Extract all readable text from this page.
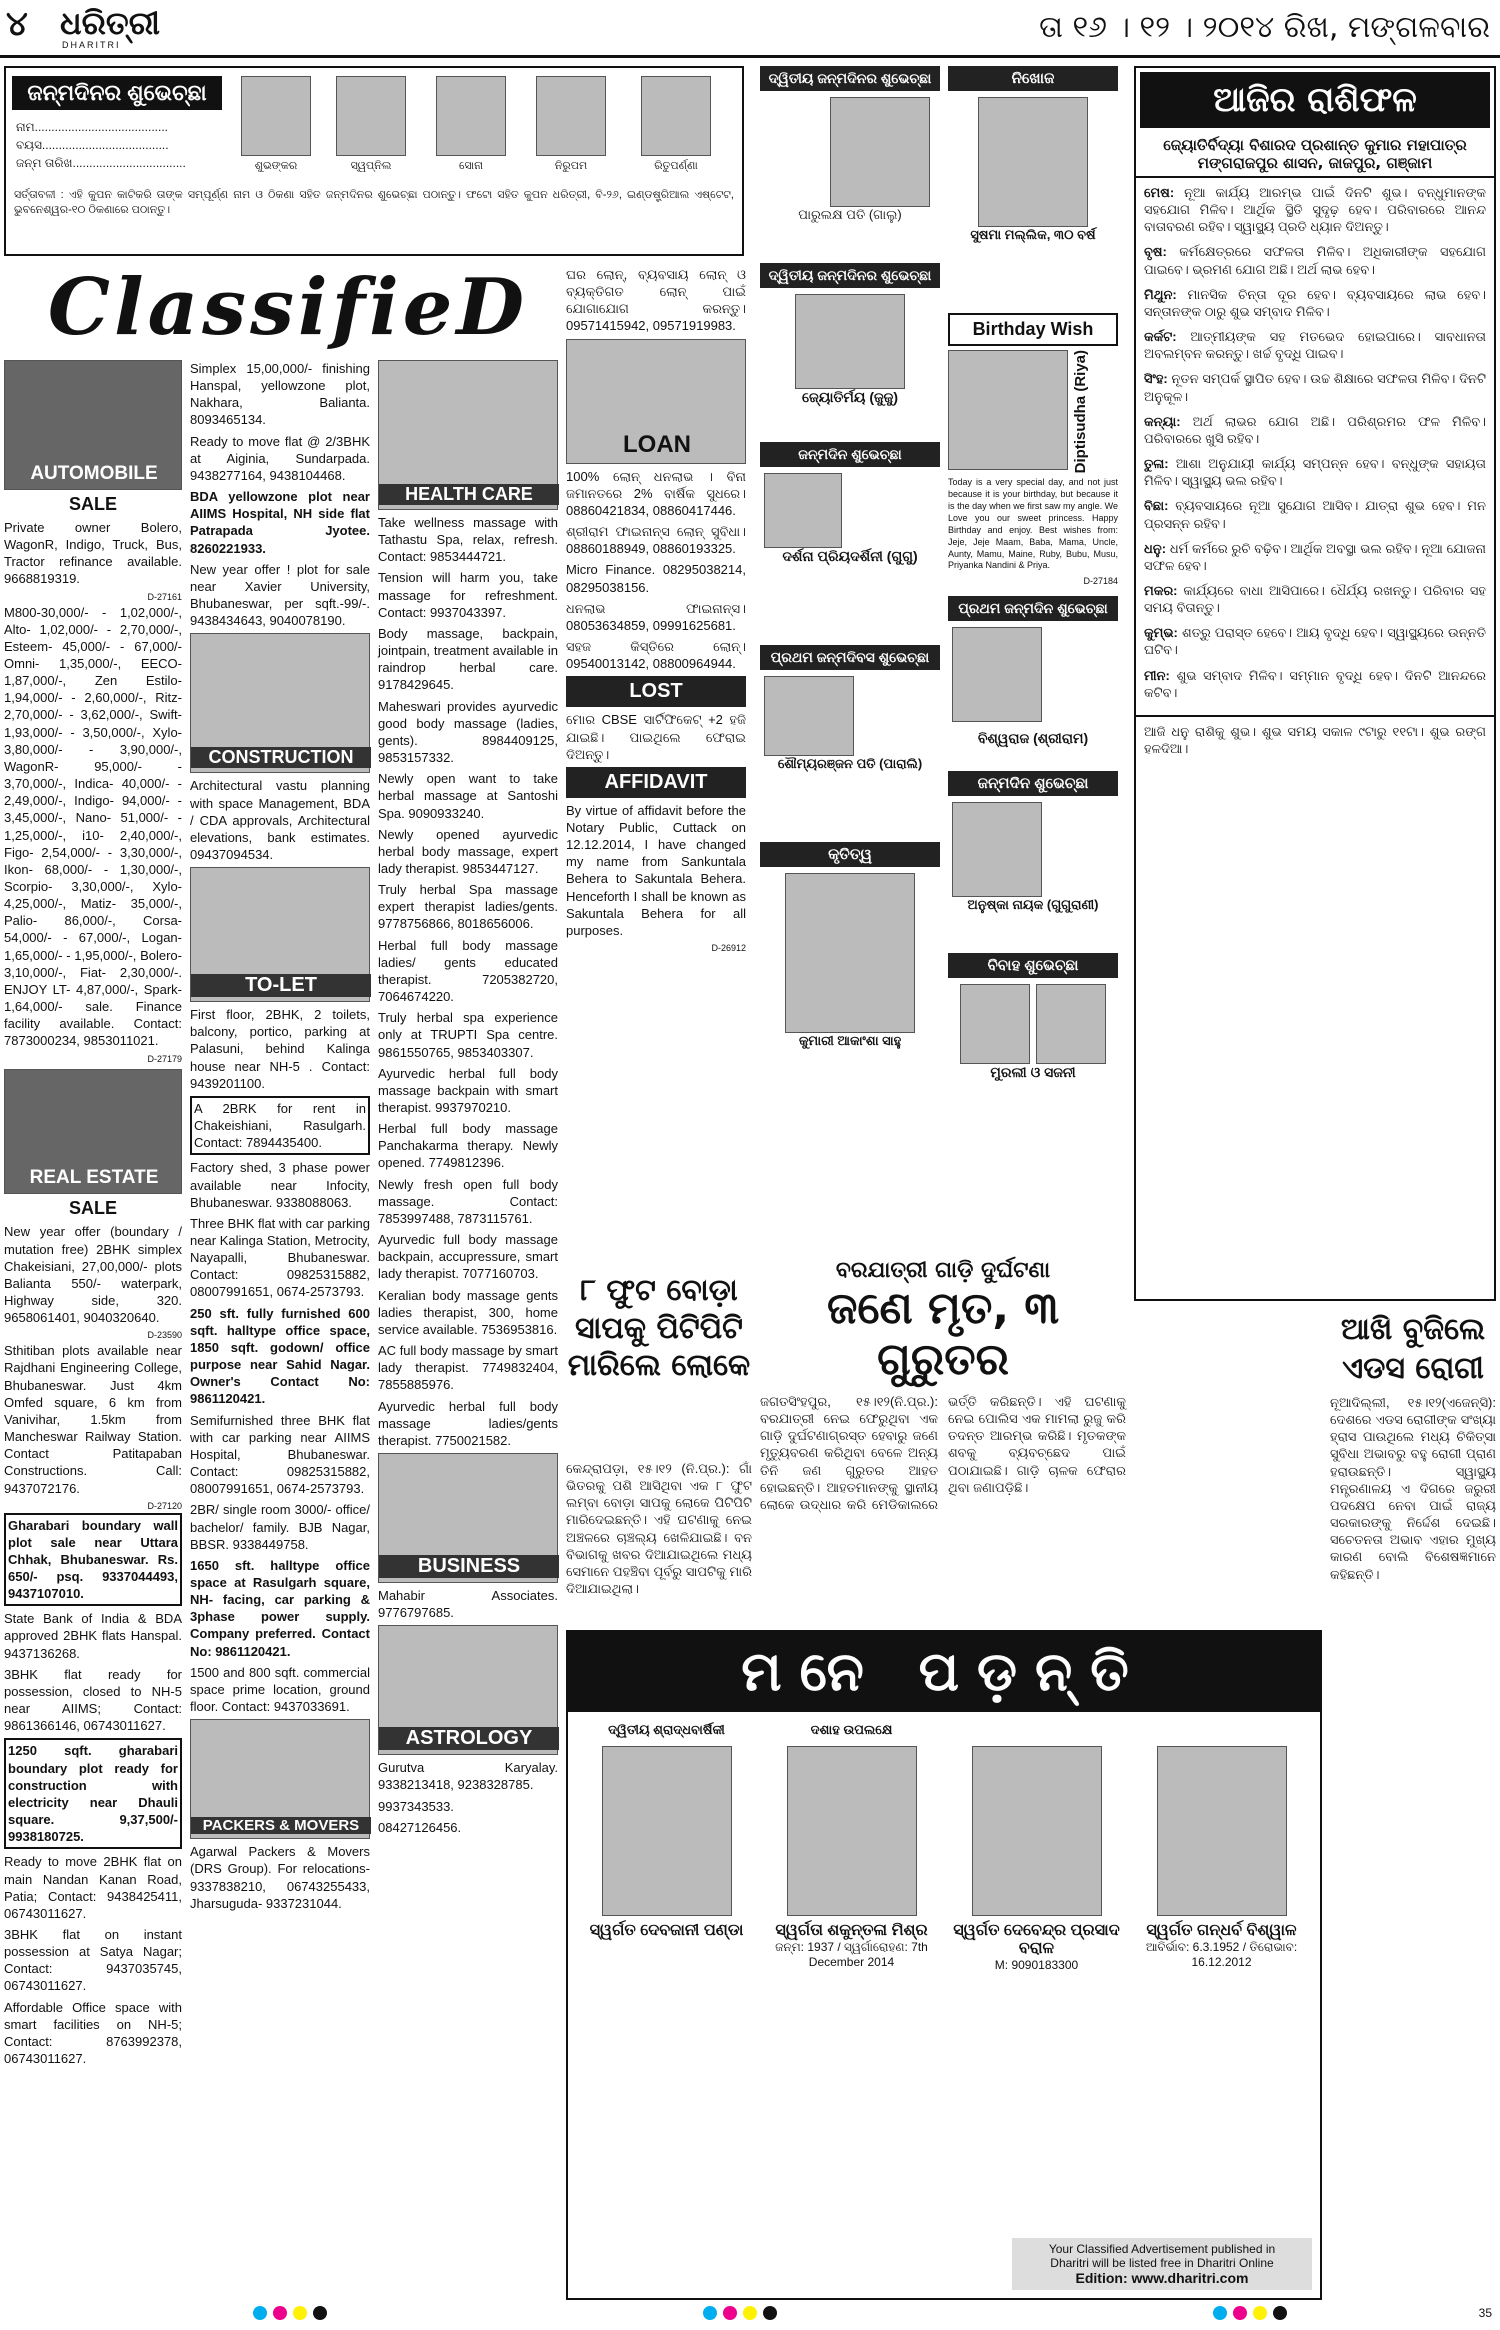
୪ ଧରିତ୍ରୀ
DHARITRI	ତା ୧୬ । ୧୨ । ୨୦୧୪ ରିଖ, ମଙ୍ଗଳବାର
ଜନ୍ମଦିନର ଶୁଭେଚ୍ଛା
ନାମ........................................
ବୟସ......................................
ଜନ୍ମ ତାରିଖ..................................	ଶୁଭଙ୍କର	ସ୍ୱପ୍ନିଲ	ସୋନା	ନିରୁପମ	ରିତୁପର୍ଣ୍ଣା
ସର୍ତ୍ତାବଳୀ : ଏହି କୁପନ କାଟିକରି ତାଙ୍କ ସମ୍ପୂର୍ଣ୍ଣ ନାମ ଓ ଠିକଣା ସହିତ ଜନ୍ମଦିନର ଶୁଭେଚ୍ଛା ପଠାନ୍ତୁ। ଫଟୋ ସହିତ କୁପନ ଧରିତ୍ରୀ, ବି-୨୬, ଇଣ୍ଡଷ୍ଟ୍ରିଆଲ ଏଷ୍ଟେଟ, ଭୁବନେଶ୍ୱର-୧୦ ଠିକଣାରେ ପଠାନ୍ତୁ।
ClassifieD
AUTOMOBILE
SALE

Private owner Bolero, WagonR, Indigo, Truck, Bus, Tractor refinance available. 9668819319.

D-27161

M800-30,000/- - 1,02,000/-, Alto- 1,02,000/- - 2,70,000/-, Esteem- 45,000/- - 67,000/- Omni- 1,35,000/-, EECO- 1,87,000/-, Zen Estilo- 1,94,000/- - 2,60,000/-, Ritz- 2,70,000/- - 3,62,000/-, Swift- 1,93,000/- - 3,50,000/-, Xylo- 3,80,000/- - 3,90,000/-, WagonR- 95,000/- - 3,70,000/-, Indica- 40,000/- - 2,49,000/-, Indigo- 94,000/- - 3,45,000/-, Nano- 51,000/- - 1,25,000/-, i10- 2,40,000/-, Figo- 2,54,000/- - 3,30,000/-, Ikon- 68,000/- - 1,30,000/-, Scorpio- 3,30,000/-, Xylo- 4,25,000/-, Matiz- 35,000/-, Palio- 86,000/-, Corsa- 54,000/- - 67,000/-, Logan- 1,65,000/- - 1,95,000/-, Bolero- 3,10,000/-, Fiat- 2,30,000/-. ENJOY LT- 4,87,000/-, Spark- 1,64,000/- sale. Finance facility available. Contact: 7873000234, 9853011021.

D-27179
REAL ESTATE
SALE

New year offer (boundary / mutation free) 2BHK simplex Chakeisiani, 27,00,000/- plots Balianta 550/- waterpark, Highway side, 320. 9658061401, 9040320640.

D-23590

Sthitiban plots available near Rajdhani Engineering College, Bhubaneswar. Just 4km Omfed square, 6 km from Vanivihar, 1.5km from Mancheswar Railway Station. Contact Patitapaban Constructions. Call: 9437072176.

D-27120

Gharabari boundary wall plot sale near Uttara Chhak, Bhubaneswar. Rs. 650/- psq. 9337044493, 9437107010.

State Bank of India & BDA approved 2BHK flats Hanspal. 9437136268.

3BHK flat ready for possession, closed to NH-5 near AIIMS; Contact: 9861366146, 06743011627.

1250 sqft. gharabari boundary plot ready for construction with electricity near Dhauli square. 9,37,500/- 9938180725.

Ready to move 2BHK flat on main Nandan Kanan Road, Patia; Contact: 9438425411, 06743011627.

3BHK flat on instant possession at Satya Nagar; Contact: 9437035745, 06743011627.

Affordable Office space with smart facilities on NH-5; Contact: 8763992378, 06743011627.

Simplex 15,00,000/- finishing Hanspal, yellowzone plot, Nakhara, Balianta. 8093465134.

Ready to move flat @ 2/3BHK at Aiginia, Sundarpada. 9438277164, 9438104468.

BDA yellowzone plot near AIIMS Hospital, NH side flat Patrapada Jyotee. 8260221933.

New year offer ! plot for sale near Xavier University, Bhubaneswar, per sqft.-99/-. 9438434643, 9040078190.

CONSTRUCTION

Architectural vastu planning with space Management, BDA / CDA approvals, Architectural elevations, bank estimates. 09437094534.

TO-LET

First floor, 2BHK, 2 toilets, balcony, portico, parking at Palasuni, behind Kalinga house near NH-5 . Contact: 9439201100.

A 2BRK for rent in Chakeishiani, Rasulgarh. Contact: 7894435400.

Factory shed, 3 phase power available near Infocity, Bhubaneswar. 9338088063.

Three BHK flat with car parking near Kalinga Station, Metrocity, Nayapalli, Bhubaneswar. Contact: 09825315882, 08007991651, 0674-2573793.

250 sft. fully furnished 600 sqft. halltype office space, 1850 sqft. godown/ office purpose near Sahid Nagar. Owner's Contact No: 9861120421.

Semifurnished three BHK flat with car parking near AIIMS Hospital, Bhubaneswar. Contact: 09825315882, 08007991651, 0674-2573793.

2BR/ single room 3000/- office/ bachelor/ family. BJB Nagar, BBSR. 9338449758.

1650 sft. halltype office space at Rasulgarh square, NH- facing, car parking & 3phase power supply. Company preferred. Contact No: 9861120421.

1500 and 800 sqft. commercial space prime location, ground floor. Contact: 9437033691.

PACKERS & MOVERS

Agarwal Packers & Movers (DRS Group). For relocations- 9337838210, 06743255433, Jharsuguda- 9337231044.

HEALTH CARE

Take wellness massage with Tathastu Spa, relax, refresh. Contact: 9853444721.

Tension will harm you, take massage for refreshment. Contact: 9937043397.

Body massage, backpain, jointpain, treatment available in raindrop herbal care. 9178429645.

Maheswari provides ayurvedic good body massage (ladies, gents). 8984409125, 9853157332.

Newly open want to take herbal massage at Santoshi Spa. 9090933240.

Newly opened ayurvedic herbal body massage, expert lady therapist. 9853447127.

Truly herbal Spa massage expert therapist ladies/gents. 9778756866, 8018656006.

Herbal full body massage ladies/ gents educated therapist. 7205382720, 7064674220.

Truly herbal spa experience only at TRUPTI Spa centre. 9861550765, 9853403307.

Ayurvedic herbal full body massage backpain with smart therapist. 9937970210.

Herbal full body massage Panchakarma therapy. Newly opened. 7749812396.

Newly fresh open full body massage. Contact: 7853997488, 7873115761.

Ayurvedic full body massage backpain, accupressure, smart lady therapist. 7077160703.

Keralian body massage gents ladies therapist, 300, home service available. 7536953816.

AC full body massage by smart lady therapist. 7749832404, 7855885976.

Ayurvedic herbal full body massage ladies/gents therapist. 7750021582.

BUSINESS

Mahabir Associates. 9776797685.

ASTROLOGY

Gurutva Karyalay. 9338213418, 9238328785.

9937343533.

08427126456.

ଘର ଲୋନ୍, ବ୍ୟବସାୟ ଲୋନ୍ ଓ ବ୍ୟକ୍ତିଗତ ଲୋନ୍ ପାଇଁ ଯୋଗାଯୋଗ କରନ୍ତୁ। 09571415942, 09571919983.

LOAN

100% ଲୋନ୍ ଧନଲାଭ । ବିନା ଜମାନତରେ 2% ବାର୍ଷିକ ସୁଧରେ। 08860421834, 08860417446.

ଶ୍ରୀରାମ ଫାଇନାନ୍ସ ଲୋନ୍ ସୁବିଧା। 08860188949, 08860193325.

Micro Finance. 08295038214, 08295038156.

ଧନଲାଭ ଫାଇନାନ୍ସ। 08053634859, 09991625681.

ସହଜ କିସ୍ତିରେ ଲୋନ୍। 09540013142, 08800964944.

LOST

ମୋର CBSE ସାର୍ଟିଫିକେଟ୍ +2 ହଜି ଯାଇଛି। ପାଇଥିଲେ ଫେରାଇ ଦିଅନ୍ତୁ।

AFFIDAVIT

By virtue of affidavit before the Notary Public, Cuttack on 12.12.2014, I have changed my name from Sankuntala Behera to Sakuntala Behera. Henceforth I shall be known as Sakuntala Behera for all purposes.

D-26912
୮ ଫୁଟ ବୋଡ଼ା ସାପକୁ ପିଟିପିଟି ମାରିଲେ ଲୋକେ
ଦ୍ୱିତୀୟ ଜନ୍ମଦିନର ଶୁଭେଚ୍ଛା
ପାରୁଲକ୍ଷ ପତି (ଗାଲୁ)
ଦ୍ୱିତୀୟ ଜନ୍ମଦିନର ଶୁଭେଚ୍ଛା
ଜ୍ୟୋତିର୍ମୟ (ଜୁଜୁ)
ଜନ୍ମଦିନ ଶୁଭେଚ୍ଛା
ଦର୍ଶନା ପ୍ରିୟଦର୍ଶିନୀ (ଗୁଗୁ)
ପ୍ରଥମ ଜନ୍ମଦିବସ ଶୁଭେଚ୍ଛା
ଶୌମ୍ୟରଞ୍ଜନ ପତି (ପାରାଲି)
କୃତିତ୍ୱ
କୁମାରୀ ଆକାଂଶା ସାହୁ
ନିଖୋଜ
ସୁଷମା ମଲ୍ଲିକ, ୩୦ ବର୍ଷ
Birthday Wish
Diptisudha (Riya)

Today is a very special day, and not just because it is your birthday, but because it is the day when we first saw my angle. We Love you our sweet princess. Happy Birthday and enjoy. Best wishes from: Jeje, Jeje Maam, Baba, Mama, Uncle, Aunty, Mamu, Maine, Ruby, Bubu, Musu, Priyanka Nandini & Priya.

D-27184
ପ୍ରଥମ ଜନ୍ମଦିନ ଶୁଭେଚ୍ଛା
ବିଶ୍ୱରାଜ (ଶ୍ରୀରାମ)
ଜନ୍ମଦିନ ଶୁଭେଚ୍ଛା
ଅନୁଷ୍କା ନାୟକ (ଗୁଗୁରାଣୀ)
ବିବାହ ଶୁଭେଚ୍ଛା
ମୁରଲୀ ଓ ସଜନୀ
ବରଯାତ୍ରୀ ଗାଡ଼ି ଦୁର୍ଘଟଣା
ଜଣେ ମୃତ, ୩ ଗୁରୁତର
ଜଗତସିଂହପୁର, ୧୫।୧୨(ନି.ପ୍ର.): ବରଯାତ୍ରୀ ନେଇ ଫେରୁଥିବା ଏକ ଗାଡ଼ି ଦୁର୍ଘଟଣାଗ୍ରସ୍ତ ହେବାରୁ ଜଣେ ମୃତ୍ୟୁବରଣ କରିଥିବା ବେଳେ ଅନ୍ୟ ତିନି ଜଣ ଗୁରୁତର ଆହତ ହୋଇଛନ୍ତି। ଆହତମାନଙ୍କୁ ସ୍ଥାନୀୟ ଲୋକେ ଉଦ୍ଧାର କରି ମେଡିକାଲରେ ଭର୍ତ୍ତି କରିଛନ୍ତି। ଏହି ଘଟଣାକୁ ନେଇ ପୋଲିସ ଏକ ମାମଲା ରୁଜୁ କରି ତଦନ୍ତ ଆରମ୍ଭ କରିଛି। ମୃତକଙ୍କ ଶବକୁ ବ୍ୟବଚ୍ଛେଦ ପାଇଁ ପଠାଯାଇଛି। ଗାଡ଼ି ଚାଳକ ଫେରାର ଥିବା ଜଣାପଡ଼ିଛି।
କେନ୍ଦ୍ରାପଡ଼ା, ୧୫।୧୨ (ନି.ପ୍ର.): ଗାଁ ଭିତରକୁ ପଶି ଆସିଥିବା ଏକ ୮ ଫୁଟ ଲମ୍ବା ବୋଡ଼ା ସାପକୁ ଲୋକେ ପିଟିପିଟି ମାରିଦେଇଛନ୍ତି। ଏହି ଘଟଣାକୁ ନେଇ ଅଞ୍ଚଳରେ ଚାଞ୍ଚଲ୍ୟ ଖେଳିଯାଇଛି। ବନ ବିଭାଗକୁ ଖବର ଦିଆଯାଇଥିଲେ ମଧ୍ୟ ସେମାନେ ପହଞ୍ଚିବା ପୂର୍ବରୁ ସାପଟିକୁ ମାରି ଦିଆଯାଇଥିଲା।
ଆଜିର ରାଶିଫଳ
ଜ୍ୟୋତିର୍ବିଦ୍ୟା ବିଶାରଦ ପ୍ରଶାନ୍ତ କୁମାର ମହାପାତ୍ର ମଙ୍ଗରାଜପୁର ଶାସନ, ଜାଜପୁର, ଗଞ୍ଜାମ

ମେଷ: ନୂଆ କାର୍ଯ୍ୟ ଆରମ୍ଭ ପାଇଁ ଦିନଟି ଶୁଭ। ବନ୍ଧୁମାନଙ୍କ ସହଯୋଗ ମିଳିବ। ଆର୍ଥିକ ସ୍ଥିତି ସୁଦୃଢ଼ ହେବ। ପରିବାରରେ ଆନନ୍ଦ ବାତାବରଣ ରହିବ। ସ୍ୱାସ୍ଥ୍ୟ ପ୍ରତି ଧ୍ୟାନ ଦିଅନ୍ତୁ।

ବୃଷ: କର୍ମକ୍ଷେତ୍ରରେ ସଫଳତା ମିଳିବ। ଅଧିକାରୀଙ୍କ ସହଯୋଗ ପାଇବେ। ଭ୍ରମଣ ଯୋଗ ଅଛି। ଅର୍ଥ ଲାଭ ହେବ।

ମିଥୁନ: ମାନସିକ ଚିନ୍ତା ଦୂର ହେବ। ବ୍ୟବସାୟରେ ଲାଭ ହେବ। ସନ୍ତାନଙ୍କ ଠାରୁ ଶୁଭ ସମ୍ବାଦ ମିଳିବ।

କର୍କଟ: ଆତ୍ମୀୟଙ୍କ ସହ ମତଭେଦ ହୋଇପାରେ। ସାବଧାନତା ଅବଲମ୍ବନ କରନ୍ତୁ। ଖର୍ଚ୍ଚ ବୃଦ୍ଧି ପାଇବ।

ସିଂହ: ନୂତନ ସମ୍ପର୍କ ସ୍ଥାପିତ ହେବ। ଉଚ୍ଚ ଶିକ୍ଷାରେ ସଫଳତା ମିଳିବ। ଦିନଟି ଅନୁକୂଳ।

କନ୍ୟା: ଅର୍ଥ ଲାଭର ଯୋଗ ଅଛି। ପରିଶ୍ରମର ଫଳ ମିଳିବ। ପରିବାରରେ ଖୁସି ରହିବ।

ତୁଳା: ଆଶା ଅନୁଯାୟୀ କାର୍ଯ୍ୟ ସମ୍ପନ୍ନ ହେବ। ବନ୍ଧୁଙ୍କ ସହାୟତା ମିଳିବ। ସ୍ୱାସ୍ଥ୍ୟ ଭଲ ରହିବ।

ବିଛା: ବ୍ୟବସାୟରେ ନୂଆ ସୁଯୋଗ ଆସିବ। ଯାତ୍ରା ଶୁଭ ହେବ। ମନ ପ୍ରସନ୍ନ ରହିବ।

ଧନୁ: ଧର୍ମ କର୍ମରେ ରୁଚି ବଢ଼ିବ। ଆର୍ଥିକ ଅବସ୍ଥା ଭଲ ରହିବ। ନୂଆ ଯୋଜନା ସଫଳ ହେବ।

ମକର: କାର୍ଯ୍ୟରେ ବାଧା ଆସିପାରେ। ଧୈର୍ଯ୍ୟ ରଖନ୍ତୁ। ପରିବାର ସହ ସମୟ ବିତାନ୍ତୁ।

କୁମ୍ଭ: ଶତ୍ରୁ ପରାସ୍ତ ହେବେ। ଆୟ ବୃଦ୍ଧି ହେବ। ସ୍ୱାସ୍ଥ୍ୟରେ ଉନ୍ନତି ଘଟିବ।

ମୀନ: ଶୁଭ ସମ୍ବାଦ ମିଳିବ। ସମ୍ମାନ ବୃଦ୍ଧି ହେବ। ଦିନଟି ଆନନ୍ଦରେ କଟିବ।

ଆଜି ଧନୁ ରାଶିକୁ ଶୁଭ। ଶୁଭ ସମୟ ସକାଳ ୯ଟାରୁ ୧୧ଟା। ଶୁଭ ରଙ୍ଗ ହଳଦିଆ।
ଆଖି ବୁଜିଲେ ଏଡସ ରୋଗୀ
ନୂଆଦିଲ୍ଲୀ, ୧୫।୧୨(ଏଜେନ୍ସି): ଦେଶରେ ଏଡସ ରୋଗୀଙ୍କ ସଂଖ୍ୟା ହ୍ରାସ ପାଉଥିଲେ ମଧ୍ୟ ଚିକିତ୍ସା ସୁବିଧା ଅଭାବରୁ ବହୁ ରୋଗୀ ପ୍ରାଣ ହରାଉଛନ୍ତି। ସ୍ୱାସ୍ଥ୍ୟ ମନ୍ତ୍ରଣାଳୟ ଏ ଦିଗରେ ଜରୁରୀ ପଦକ୍ଷେପ ନେବା ପାଇଁ ରାଜ୍ୟ ସରକାରଙ୍କୁ ନିର୍ଦ୍ଦେଶ ଦେଇଛି। ସଚେତନତା ଅଭାବ ଏହାର ମୁଖ୍ୟ କାରଣ ବୋଲି ବିଶେଷଜ୍ଞମାନେ କହିଛନ୍ତି।
ମନେ ପଡ଼ନ୍ତି
ଦ୍ୱିତୀୟ ଶ୍ରାଦ୍ଧବାର୍ଷିକୀ
ସ୍ୱର୍ଗତ ଦେବଜାନୀ ପଣ୍ଡା
ଦଶାହ ଉପଲକ୍ଷେ
ସ୍ୱର୍ଗତା ଶକୁନ୍ତଳା ମିଶ୍ର
ଜନ୍ମ: 1937 / ସ୍ୱର୍ଗାରୋହଣ: 7th December 2014
ସ୍ୱର୍ଗତ ଦେବେନ୍ଦ୍ର ପ୍ରସାଦ ବରାଳ
M: 9090183300
ସ୍ୱର୍ଗତ ଗନ୍ଧର୍ବ ବିଶ୍ୱାଳ
ଆବିର୍ଭାବ: 6.3.1952 / ତିରୋଭାବ: 16.12.2012
Your Classified Advertisement published in
Dharitri will be listed free in Dharitri Online
Edition: www.dharitri.com
35
